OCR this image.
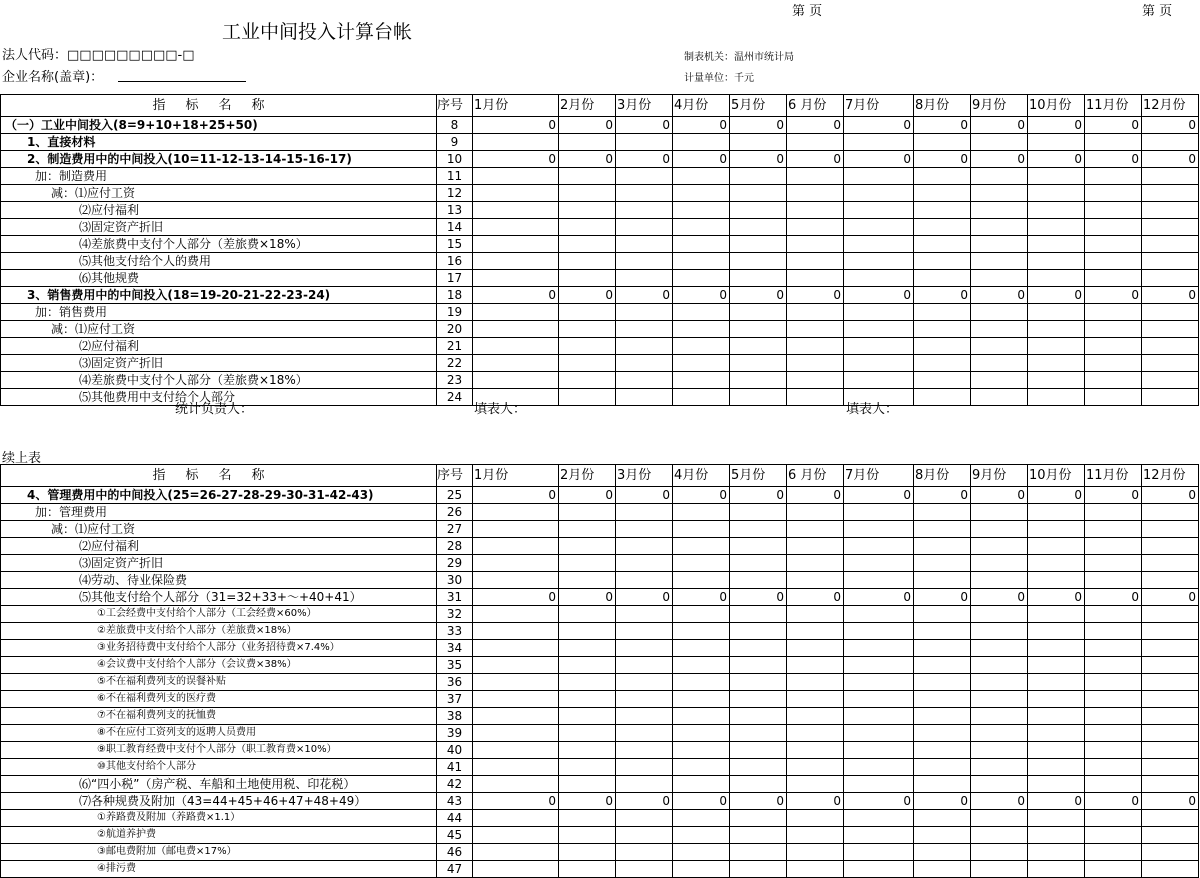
第 页	第 页
工业中间投入计算台帐
法人代码：□□□□□□□□□-□	制表机关：温州市统计局
企业名称(盖章)：	计量单位：千元
指标名称	序号	1月份	2月份	3月份	4月份	5月份	6 月份	7月份	8月份	9月份	10月份	11月份	12月份
（一）工业中间投入(8=9+10+18+25+50)	8	0	0	0	0	0	0	0	0	0	0	0	0
1、直接材料	9												
2、制造费用中的中间投入(10=11-12-13-14-15-16-17)	10	0	0	0	0	0	0	0	0	0	0	0	0
加：制造费用	11												
减：⑴应付工资	12												
⑵应付福利	13												
⑶固定资产折旧	14												
⑷差旅费中支付个人部分（差旅费×18%）	15												
⑸其他支付给个人的费用	16												
⑹其他规费	17												
3、销售费用中的中间投入(18=19-20-21-22-23-24)	18	0	0	0	0	0	0	0	0	0	0	0	0
加：销售费用	19												
减：⑴应付工资	20												
⑵应付福利	21												
⑶固定资产折旧	22												
⑷差旅费中支付个人部分（差旅费×18%）	23												
⑸其他费用中支付给个人部分	24												
统计负责人：	填表人：	填表人：
续上表
指标名称	序号	1月份	2月份	3月份	4月份	5月份	6 月份	7月份	8月份	9月份	10月份	11月份	12月份
4、管理费用中的中间投入(25=26-27-28-29-30-31-42-43)	25	0	0	0	0	0	0	0	0	0	0	0	0
加：管理费用	26												
减：⑴应付工资	27												
⑵应付福利	28												
⑶固定资产折旧	29												
⑷劳动、待业保险费	30												
⑸其他支付给个人部分（31=32+33+～+40+41）	31	0	0	0	0	0	0	0	0	0	0	0	0
①工会经费中支付给个人部分（工会经费×60%）	32												
②差旅费中支付给个人部分（差旅费×18%）	33												
③业务招待费中支付给个人部分（业务招待费×7.4%）	34												
④会议费中支付给个人部分（会议费×38%）	35												
⑤不在福利费列支的误餐补贴	36												
⑥不在福利费列支的医疗费	37												
⑦不在福利费列支的抚恤费	38												
⑧不在应付工资列支的返聘人员费用	39												
⑨职工教育经费中支付个人部分（职工教育费×10%）	40												
⑩其他支付给个人部分	41												
⑹“四小税”（房产税、车船和土地使用税、印花税）	42												
⑺各种规费及附加（43=44+45+46+47+48+49）	43	0	0	0	0	0	0	0	0	0	0	0	0
①养路费及附加（养路费×1.1）	44												
②航道养护费	45												
③邮电费附加（邮电费×17%）	46												
④排污费	47												
